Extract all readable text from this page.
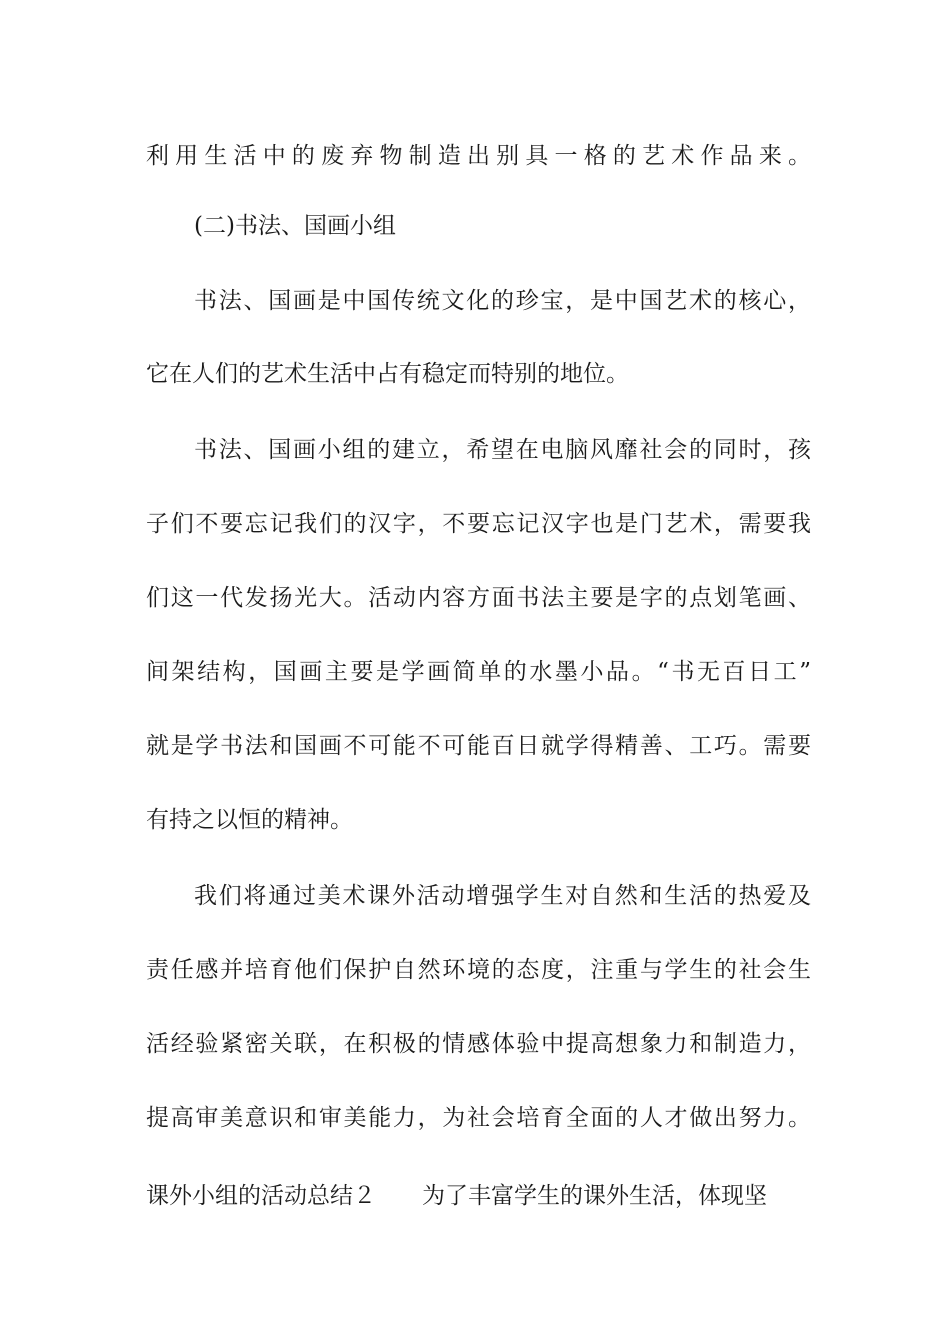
利用生活中的废弃物制造出别具一格的艺术作品来。
(二)书法、国画小组
书法、国画是中国传统文化的珍宝，是中国艺术的核心，
它在人们的艺术生活中占有稳定而特别的地位。
书法、国画小组的建立，希望在电脑风靡社会的同时，孩
子们不要忘记我们的汉字，不要忘记汉字也是门艺术，需要我
们这一代发扬光大。活动内容方面书法主要是字的点划笔画、
间架结构，国画主要是学画简单的水墨小品。“书无百日工”
就是学书法和国画不可能不可能百日就学得精善、工巧。需要
有持之以恒的精神。
我们将通过美术课外活动增强学生对自然和生活的热爱及
责任感并培育他们保护自然环境的态度，注重与学生的社会生
活经验紧密关联，在积极的情感体验中提高想象力和制造力，
提高审美意识和审美能力，为社会培育全面的人才做出努力。
课外小组的活动总结２ 为了丰富学生的课外生活，体现坚
